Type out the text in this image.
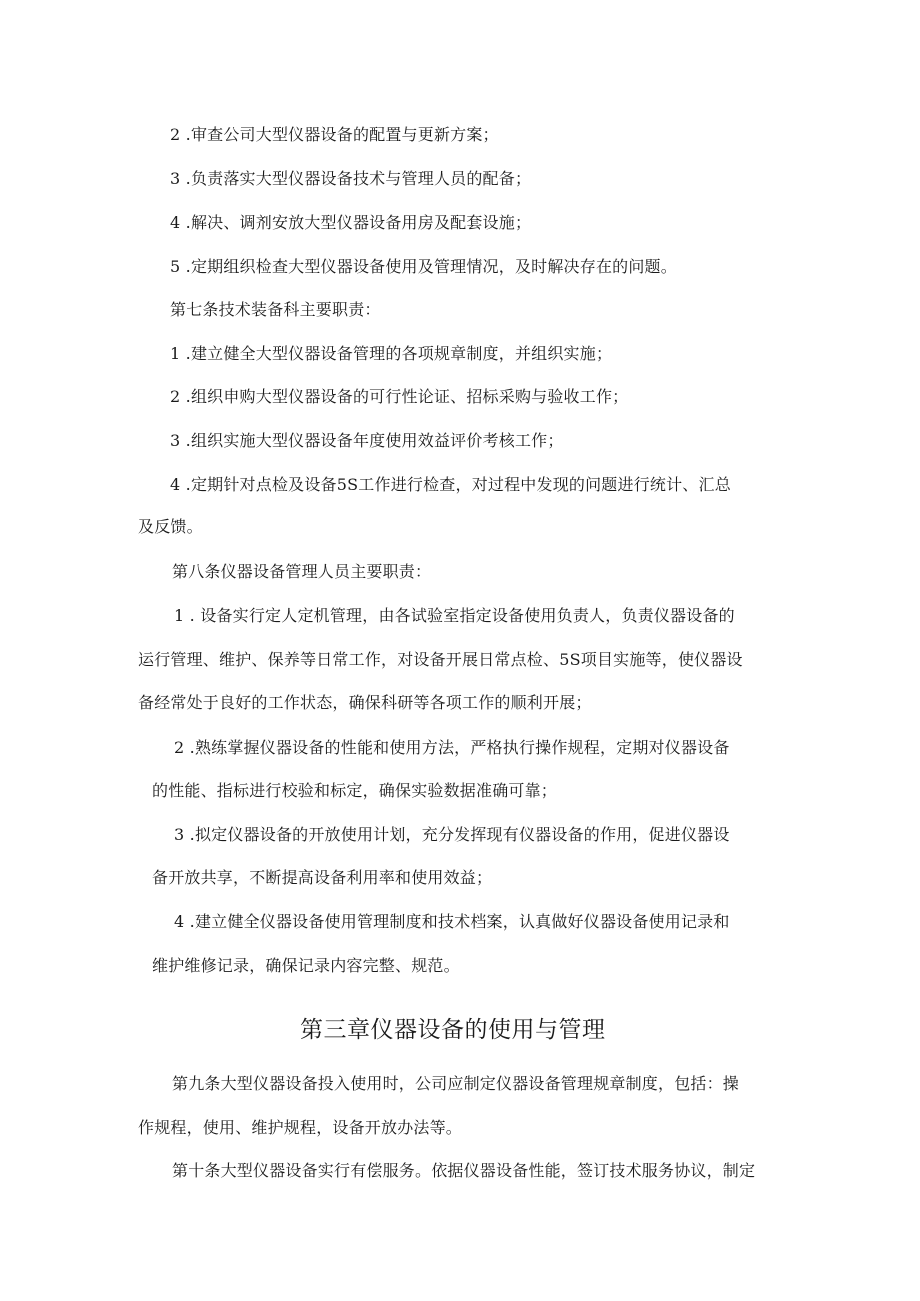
2 .审查公司大型仪器设备的配置与更新方案；
3 .负责落实大型仪器设备技术与管理人员的配备；
4 .解决、调剂安放大型仪器设备用房及配套设施；
5 .定期组织检查大型仪器设备使用及管理情况，及时解决存在的问题。
第七条技术装备科主要职责：
1 .建立健全大型仪器设备管理的各项规章制度，并组织实施；
2 .组织申购大型仪器设备的可行性论证、招标采购与验收工作；
3 .组织实施大型仪器设备年度使用效益评价考核工作；
4 .定期针对点检及设备5S工作进行检查，对过程中发现的问题进行统计、汇总
及反馈。
第八条仪器设备管理人员主要职责：
1 . 设备实行定人定机管理，由各试验室指定设备使用负责人，负责仪器设备的
运行管理、维护、保养等日常工作，对设备开展日常点检、5S项目实施等，使仪器设
备经常处于良好的工作状态，确保科研等各项工作的顺利开展；
2 .熟练掌握仪器设备的性能和使用方法，严格执行操作规程，定期对仪器设备
的性能、指标进行校验和标定，确保实验数据准确可靠；
3 .拟定仪器设备的开放使用计划，充分发挥现有仪器设备的作用，促进仪器设
备开放共享，不断提高设备利用率和使用效益；
4 .建立健全仪器设备使用管理制度和技术档案，认真做好仪器设备使用记录和
维护维修记录，确保记录内容完整、规范。
第三章仪器设备的使用与管理
第九条大型仪器设备投入使用时，公司应制定仪器设备管理规章制度，包括：操
作规程，使用、维护规程，设备开放办法等。
第十条大型仪器设备实行有偿服务。依据仪器设备性能，签订技术服务协议，制定
